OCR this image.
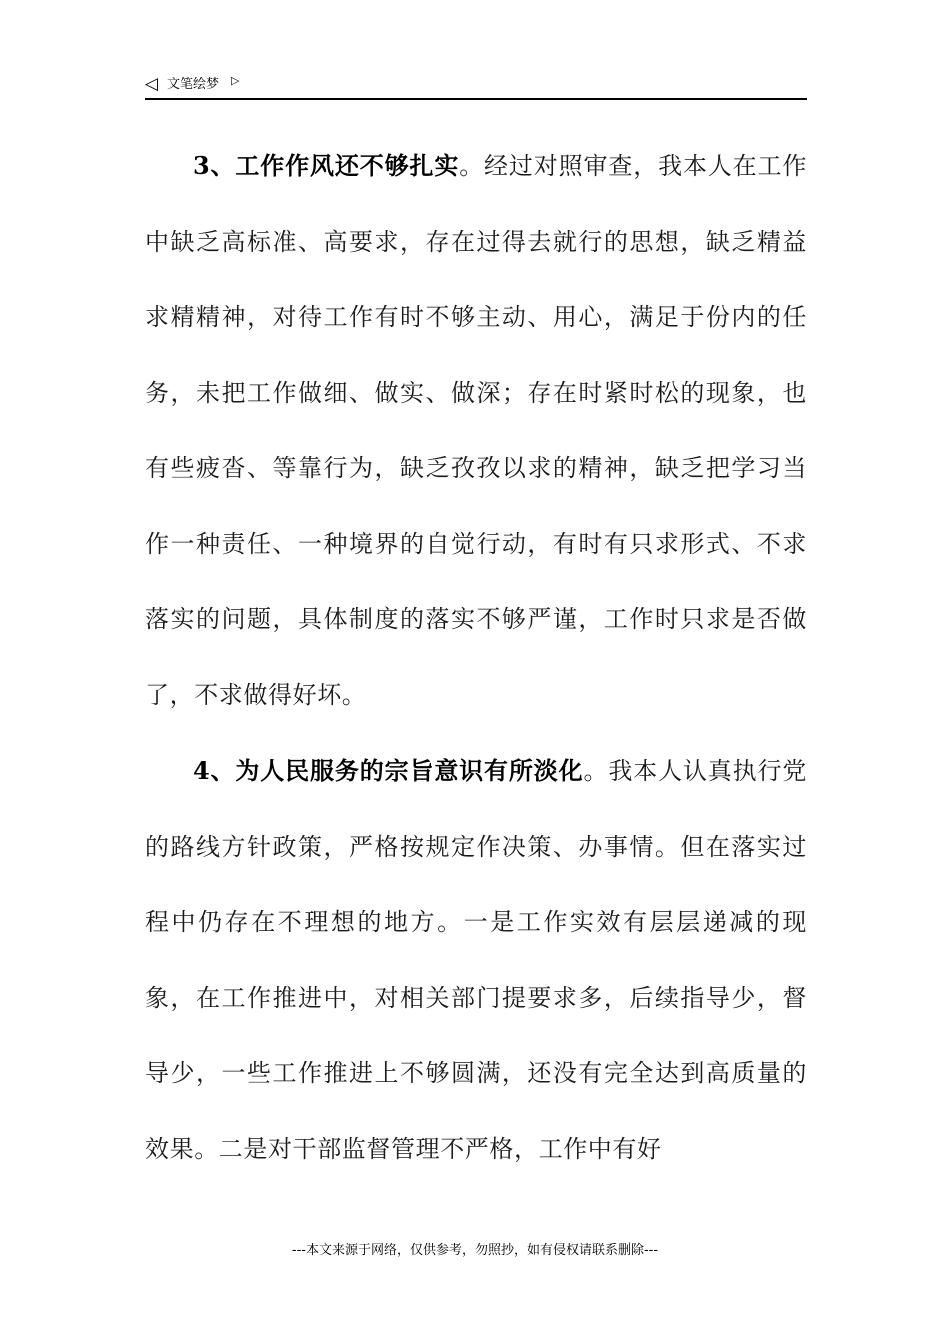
◁ 文笔绘梦 ▷

3、工作作风还不够扎实。经过对照审查，我本人在工作中缺乏高标准、高要求，存在过得去就行的思想，缺乏精益求精精神，对待工作有时不够主动、用心，满足于份内的任务，未把工作做细、做实、做深；存在时紧时松的现象，也有些疲沓、等靠行为，缺乏孜孜以求的精神，缺乏把学习当作一种责任、一种境界的自觉行动，有时有只求形式、不求落实的问题，具体制度的落实不够严谨，工作时只求是否做了，不求做得好坏。

4、为人民服务的宗旨意识有所淡化。我本人认真执行党的路线方针政策，严格按规定作决策、办事情。但在落实过程中仍存在不理想的地方。一是工作实效有层层递减的现象，在工作推进中，对相关部门提要求多，后续指导少，督导少，一些工作推进上不够圆满，还没有完全达到高质量的效果。二是对干部监督管理不严格，工作中有好

---本文来源于网络，仅供参考，勿照抄，如有侵权请联系删除---
